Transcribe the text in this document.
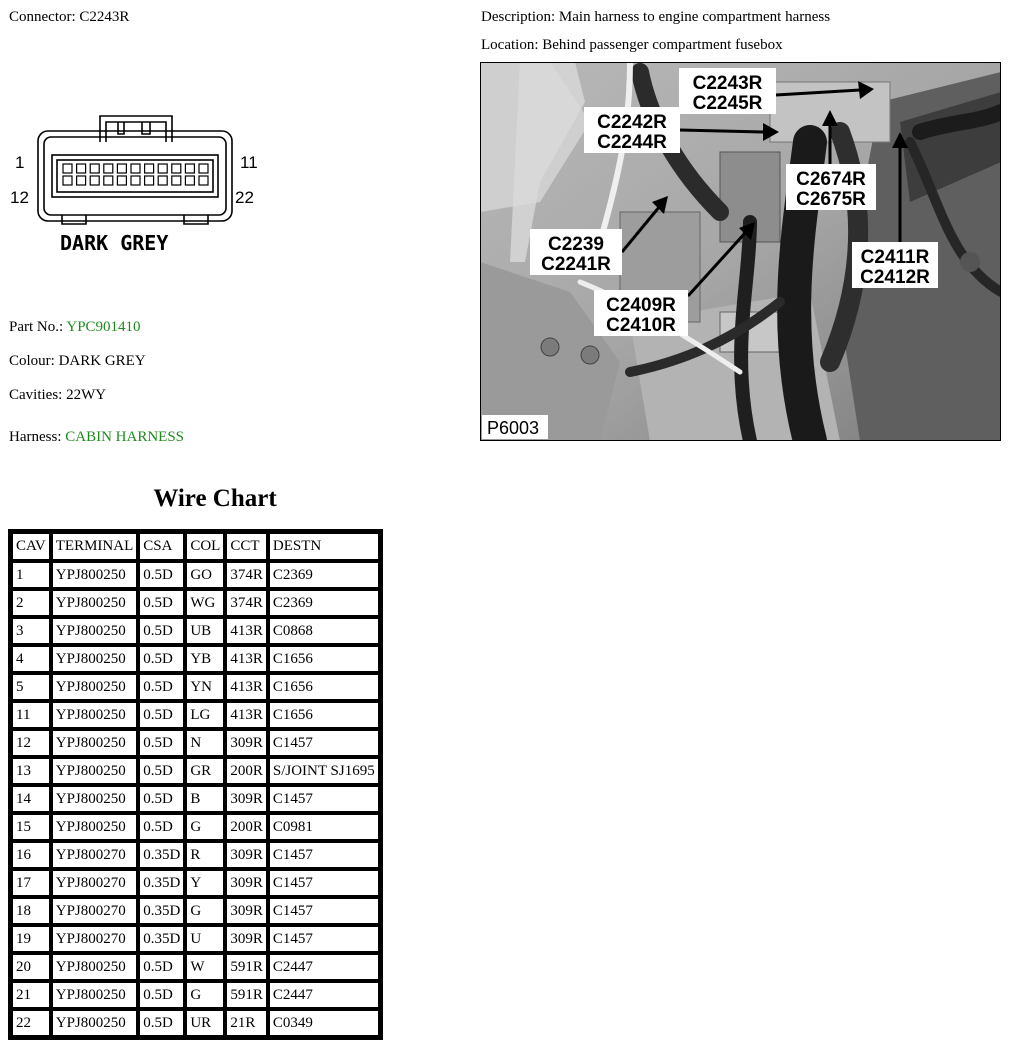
Connector: C2243R	Description: Main harness to engine compartment harness
Location: Behind passenger compartment fusebox
1	11
12	22
DARK GREY
Part No.: YPC901410
Colour: DARK GREY
Cavities: 22WY
Harness: CABIN HARNESS
C2243R
C2245R
C2242R
C2244R
C2674R
C2675R
C2239
C2241R	C2411R
C2412R
C2409R
C2410R
P6003
Wire Chart
CAV	TERMINAL	CSA	COL	CCT	DESTN
1	YPJ800250	0.5D	GO	374R	C2369
2	YPJ800250	0.5D	WG	374R	C2369
3	YPJ800250	0.5D	UB	413R	C0868
4	YPJ800250	0.5D	YB	413R	C1656
5	YPJ800250	0.5D	YN	413R	C1656
11	YPJ800250	0.5D	LG	413R	C1656
12	YPJ800250	0.5D	N	309R	C1457
13	YPJ800250	0.5D	GR	200R	S/JOINT SJ1695
14	YPJ800250	0.5D	B	309R	C1457
15	YPJ800250	0.5D	G	200R	C0981
16	YPJ800270	0.35D	R	309R	C1457
17	YPJ800270	0.35D	Y	309R	C1457
18	YPJ800270	0.35D	G	309R	C1457
19	YPJ800270	0.35D	U	309R	C1457
20	YPJ800250	0.5D	W	591R	C2447
21	YPJ800250	0.5D	G	591R	C2447
22	YPJ800250	0.5D	UR	21R	C0349
